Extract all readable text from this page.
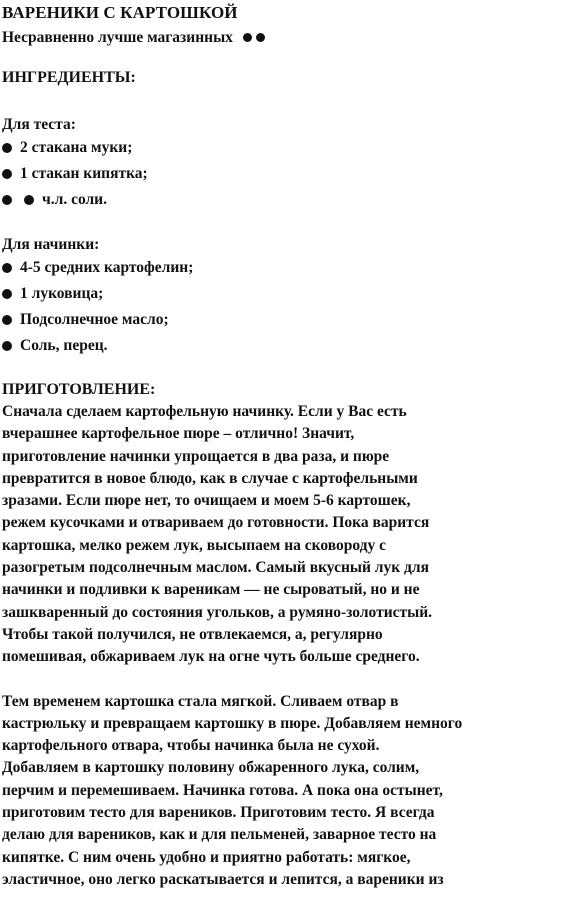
ВАРЕНИКИ С КАРТОШКОЙ
Несравненно лучше магазинных
ИНГРЕДИЕНТЫ:
Для теста:
2 стакана муки;
1 стакан кипятка;
ч.л. соли.
Для начинки:
4-5 средних картофелин;
1 луковица;
Подсолнечное масло;
Соль, перец.
ПРИГОТОВЛЕНИЕ:
Сначала сделаем картофельную начинку. Если у Вас есть
вчерашнее картофельное пюре – отлично! Значит,
приготовление начинки упрощается в два раза, и пюре
превратится в новое блюдо, как в случае с картофельными
зразами. Если пюре нет, то очищаем и моем 5-6 картошек,
режем кусочками и отвариваем до готовности. Пока варится
картошка, мелко режем лук, высыпаем на сковороду с
разогретым подсолнечным маслом. Самый вкусный лук для
начинки и подливки к вареникам — не сыроватый, но и не
зашкваренный до состояния угольков, а румяно-золотистый.
Чтобы такой получился, не отвлекаемся, а, регулярно
помешивая, обжариваем лук на огне чуть больше среднего.
Тем временем картошка стала мягкой. Сливаем отвар в
кастрюльку и превращаем картошку в пюре. Добавляем немного
картофельного отвара, чтобы начинка была не сухой.
Добавляем в картошку половину обжаренного лука, солим,
перчим и перемешиваем. Начинка готова. А пока она остынет,
приготовим тесто для вареников. Приготовим тесто. Я всегда
делаю для вареников, как и для пельменей, заварное тесто на
кипятке. С ним очень удобно и приятно работать: мягкое,
эластичное, оно легко раскатывается и лепится, а вареники из
